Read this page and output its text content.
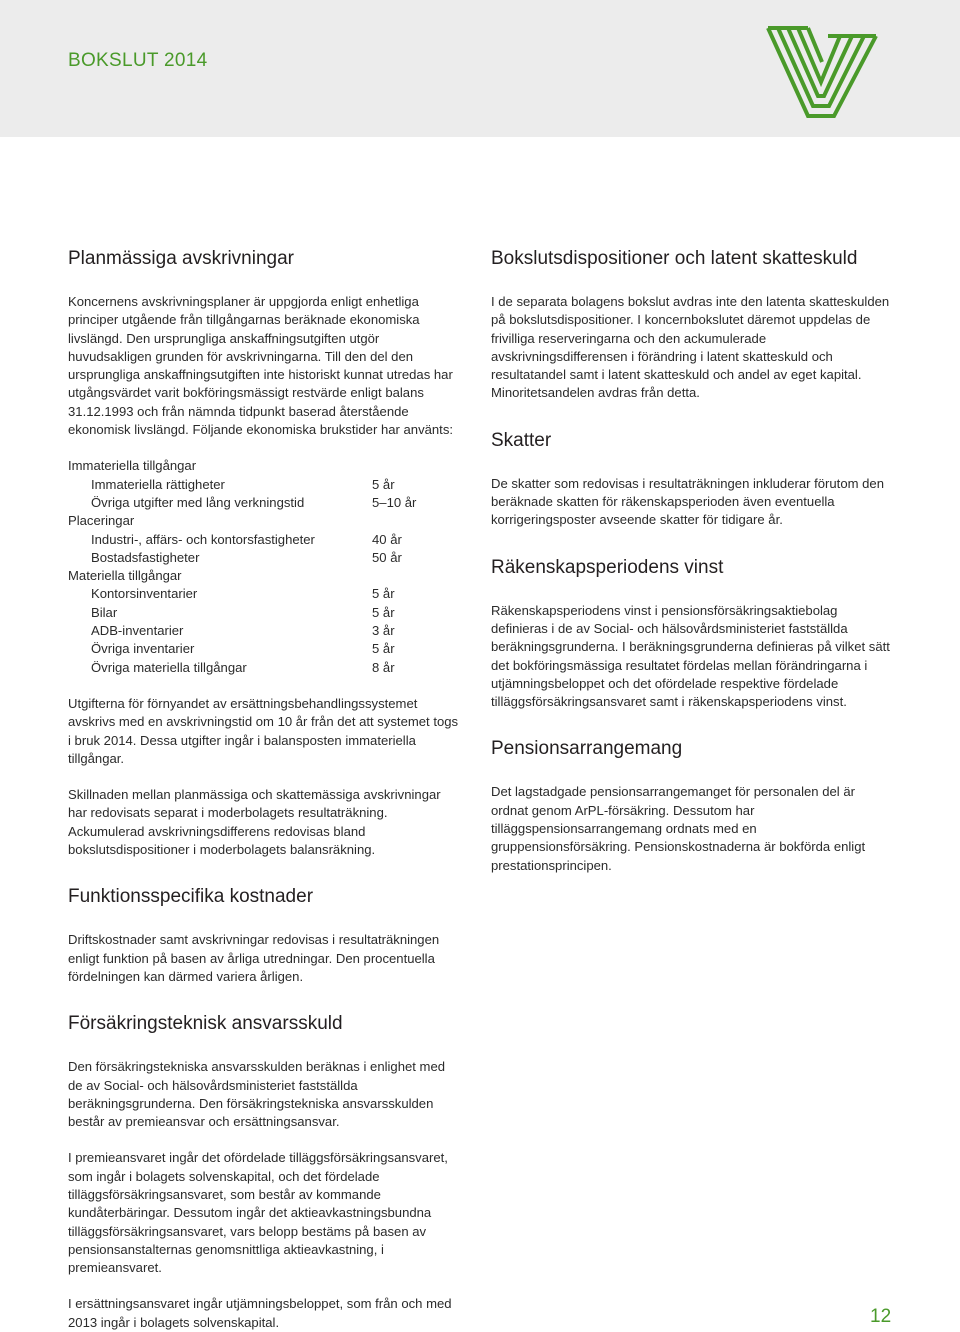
BOKSLUT 2014
Planmässiga avskrivningar

Koncernens avskrivningsplaner är uppgjorda enligt enhetliga principer utgående från tillgångarnas beräknade ekonomiska livslängd. Den ursprungliga anskaffningsutgiften utgör huvudsakligen grunden för avskrivningarna. Till den del den ursprungliga anskaffningsutgiften inte historiskt kunnat utredas har utgångsvärdet varit bokföringsmässigt restvärde enligt balans 31.12.1993 och från nämnda tidpunkt baserad återstående ekonomisk livslängd. Följande ekonomiska brukstider har använts:

Immateriella tillgångar	
Immateriella rättigheter	5 år
Övriga utgifter med lång verkningstid	5–10 år
Placeringar	
Industri-, affärs- och kontorsfastigheter	40 år
Bostadsfastigheter	50 år
Materiella tillgångar	
Kontorsinventarier	5 år
Bilar	5 år
ADB-inventarier	3 år
Övriga inventarier	5 år
Övriga materiella tillgångar	8 år

Utgifterna för förnyandet av ersättningsbehandlingssystemet avskrivs med en avskrivningstid om 10 år från det att systemet togs i bruk 2014. Dessa utgifter ingår i balansposten immateriella tillgångar.

Skillnaden mellan planmässiga och skattemässiga avskrivningar har redovisats separat i moderbolagets resultaträkning. Ackumulerad avskrivningsdifferens redovisas bland bokslutsdispositioner i moderbolagets balansräkning.

Funktionsspecifika kostnader

Driftskostnader samt avskrivningar redovisas i resultaträkningen enligt funktion på basen av årliga utredningar. Den procentuella fördelningen kan därmed variera årligen.

Försäkringsteknisk ansvarsskuld

Den försäkringstekniska ansvarsskulden beräknas i enlighet med de av Social- och hälsovårdsministeriet fastställda beräkningsgrunderna. Den försäkringstekniska ansvarsskulden består av premieansvar och ersättningsansvar.

I premieansvaret ingår det ofördelade tilläggsförsäkringsansvaret, som ingår i bolagets solvenskapital, och det fördelade tilläggsförsäkringsansvaret, som består av kommande kundåterbäringar. Dessutom ingår det aktieavkastningsbundna tilläggsförsäkringsansvaret, vars belopp bestäms på basen av pensionsanstalternas genomsnittliga aktieavkastning, i premieansvaret.

I ersättningsansvaret ingår utjämningsbeloppet, som från och med 2013 ingår i bolagets solvenskapital.

Bokslutsdispositioner och latent skatteskuld

I de separata bolagens bokslut avdras inte den latenta skatteskulden på bokslutsdispositioner. I koncernbokslutet däremot uppdelas de frivilliga reserveringarna och den ackumulerade avskrivningsdifferensen i förändring i latent skatteskuld och resultatandel samt i latent skatteskuld och andel av eget kapital. Minoritetsandelen avdras från detta.

Skatter

De skatter som redovisas i resultaträkningen inkluderar förutom den beräknade skatten för räkenskapsperioden även eventuella korrigeringsposter avseende skatter för tidigare år.

Räkenskapsperiodens vinst

Räkenskapsperiodens vinst i pensionsförsäkringsaktiebolag definieras i de av Social- och hälsovårdsministeriet fastställda beräkningsgrunderna. I beräkningsgrunderna definieras på vilket sätt det bokföringsmässiga resultatet fördelas mellan förändringarna i utjämningsbeloppet och det ofördelade respektive fördelade tilläggsförsäkringsansvaret samt i räkenskapsperiodens vinst.

Pensionsarrangemang

Det lagstadgade pensionsarrangemanget för personalen del är ordnat genom ArPL-försäkring. Dessutom har tilläggspensionsarrangemang ordnats med en gruppensionsförsäkring. Pensionskostnaderna är bokförda enligt prestationsprincipen.

12
